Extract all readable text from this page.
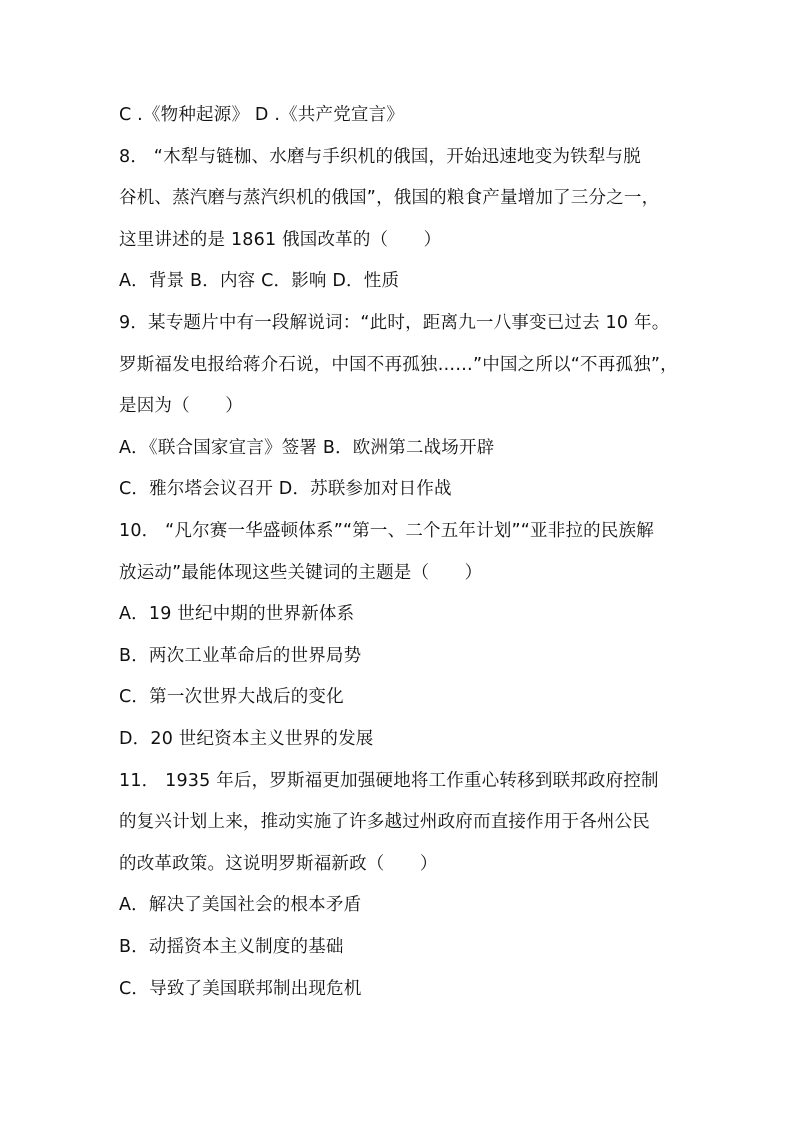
C .《物种起源》 D .《共产党宣言》
8． “木犁与链枷、水磨与手织机的俄国，开始迅速地变为铁犁与脱
谷机、蒸汽磨与蒸汽织机的俄国”，俄国的粮食产量增加了三分之一，
这里讲述的是 1861 俄国改革的（　　）
A．背景 B．内容 C．影响 D．性质
9．某专题片中有一段解说词：“此时，距离九一八事变已过去 10 年。
罗斯福发电报给蒋介石说，中国不再孤独……”中国之所以“不再孤独”，
是因为（　　）
A．《联合国家宣言》签署 B．欧洲第二战场开辟
C．雅尔塔会议召开 D．苏联参加对日作战
10． “凡尔赛一华盛顿体系”“第一、二个五年计划”“亚非拉的民族解
放运动”最能体现这些关键词的主题是（　　）
A．19 世纪中期的世界新体系
B．两次工业革命后的世界局势
C．第一次世界大战后的变化
D．20 世纪资本主义世界的发展
11． 1935 年后，罗斯福更加强硬地将工作重心转移到联邦政府控制
的复兴计划上来，推动实施了许多越过州政府而直接作用于各州公民
的改革政策。这说明罗斯福新政（　　）
A．解决了美国社会的根本矛盾
B．动摇资本主义制度的基础
C．导致了美国联邦制出现危机
